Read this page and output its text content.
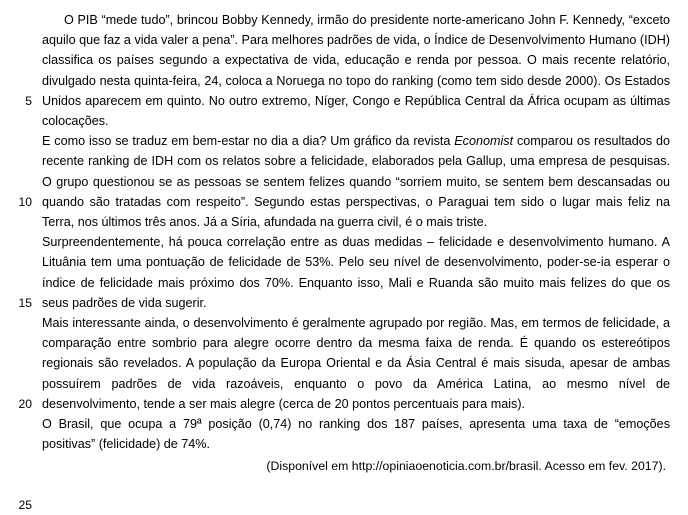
5
10
15
20
25

O PIB “mede tudo”, brincou Bobby Kennedy, irmão do presidente norte-americano John F. Kennedy, “exceto aquilo que faz a vida valer a pena”. Para melhores padrões de vida, o Índice de Desenvolvimento Humano (IDH) classifica os países segundo a expectativa de vida, educação e renda por pessoa. O mais recente relatório, divulgado nesta quinta-feira, 24, coloca a Noruega no topo do ranking (como tem sido desde 2000). Os Estados Unidos aparecem em quinto. No outro extremo, Níger, Congo e República Central da África ocupam as últimas colocações.

E como isso se traduz em bem-estar no dia a dia? Um gráfico da revista Economist comparou os resultados do recente ranking de IDH com os relatos sobre a felicidade, elaborados pela Gallup, uma empresa de pesquisas. O grupo questionou se as pessoas se sentem felizes quando “sorriem muito, se sentem bem descansadas ou quando são tratadas com respeito”. Segundo estas perspectivas, o Paraguai tem sido o lugar mais feliz na Terra, nos últimos três anos. Já a Síria, afundada na guerra civil, é o mais triste.

Surpreendentemente, há pouca correlação entre as duas medidas – felicidade e desenvolvimento humano. A Lituânia tem uma pontuação de felicidade de 53%. Pelo seu nível de desenvolvimento, poder-se-ia esperar o índice de felicidade mais próximo dos 70%. Enquanto isso, Mali e Ruanda são muito mais felizes do que os seus padrões de vida sugerir.

Mais interessante ainda, o desenvolvimento é geralmente agrupado por região. Mas, em termos de felicidade, a comparação entre sombrio para alegre ocorre dentro da mesma faixa de renda. É quando os estereótipos regionais são revelados. A população da Europa Oriental e da Ásia Central é mais sisuda, apesar de ambas possuírem padrões de vida razoáveis, enquanto o povo da América Latina, ao mesmo nível de desenvolvimento, tende a ser mais alegre (cerca de 20 pontos percentuais para mais).

O Brasil, que ocupa a 79ª posição (0,74) no ranking dos 187 países, apresenta uma taxa de “emoções positivas” (felicidade) de 74%.

(Disponível em http://opiniaoenoticia.com.br/brasil. Acesso em fev. 2017).
